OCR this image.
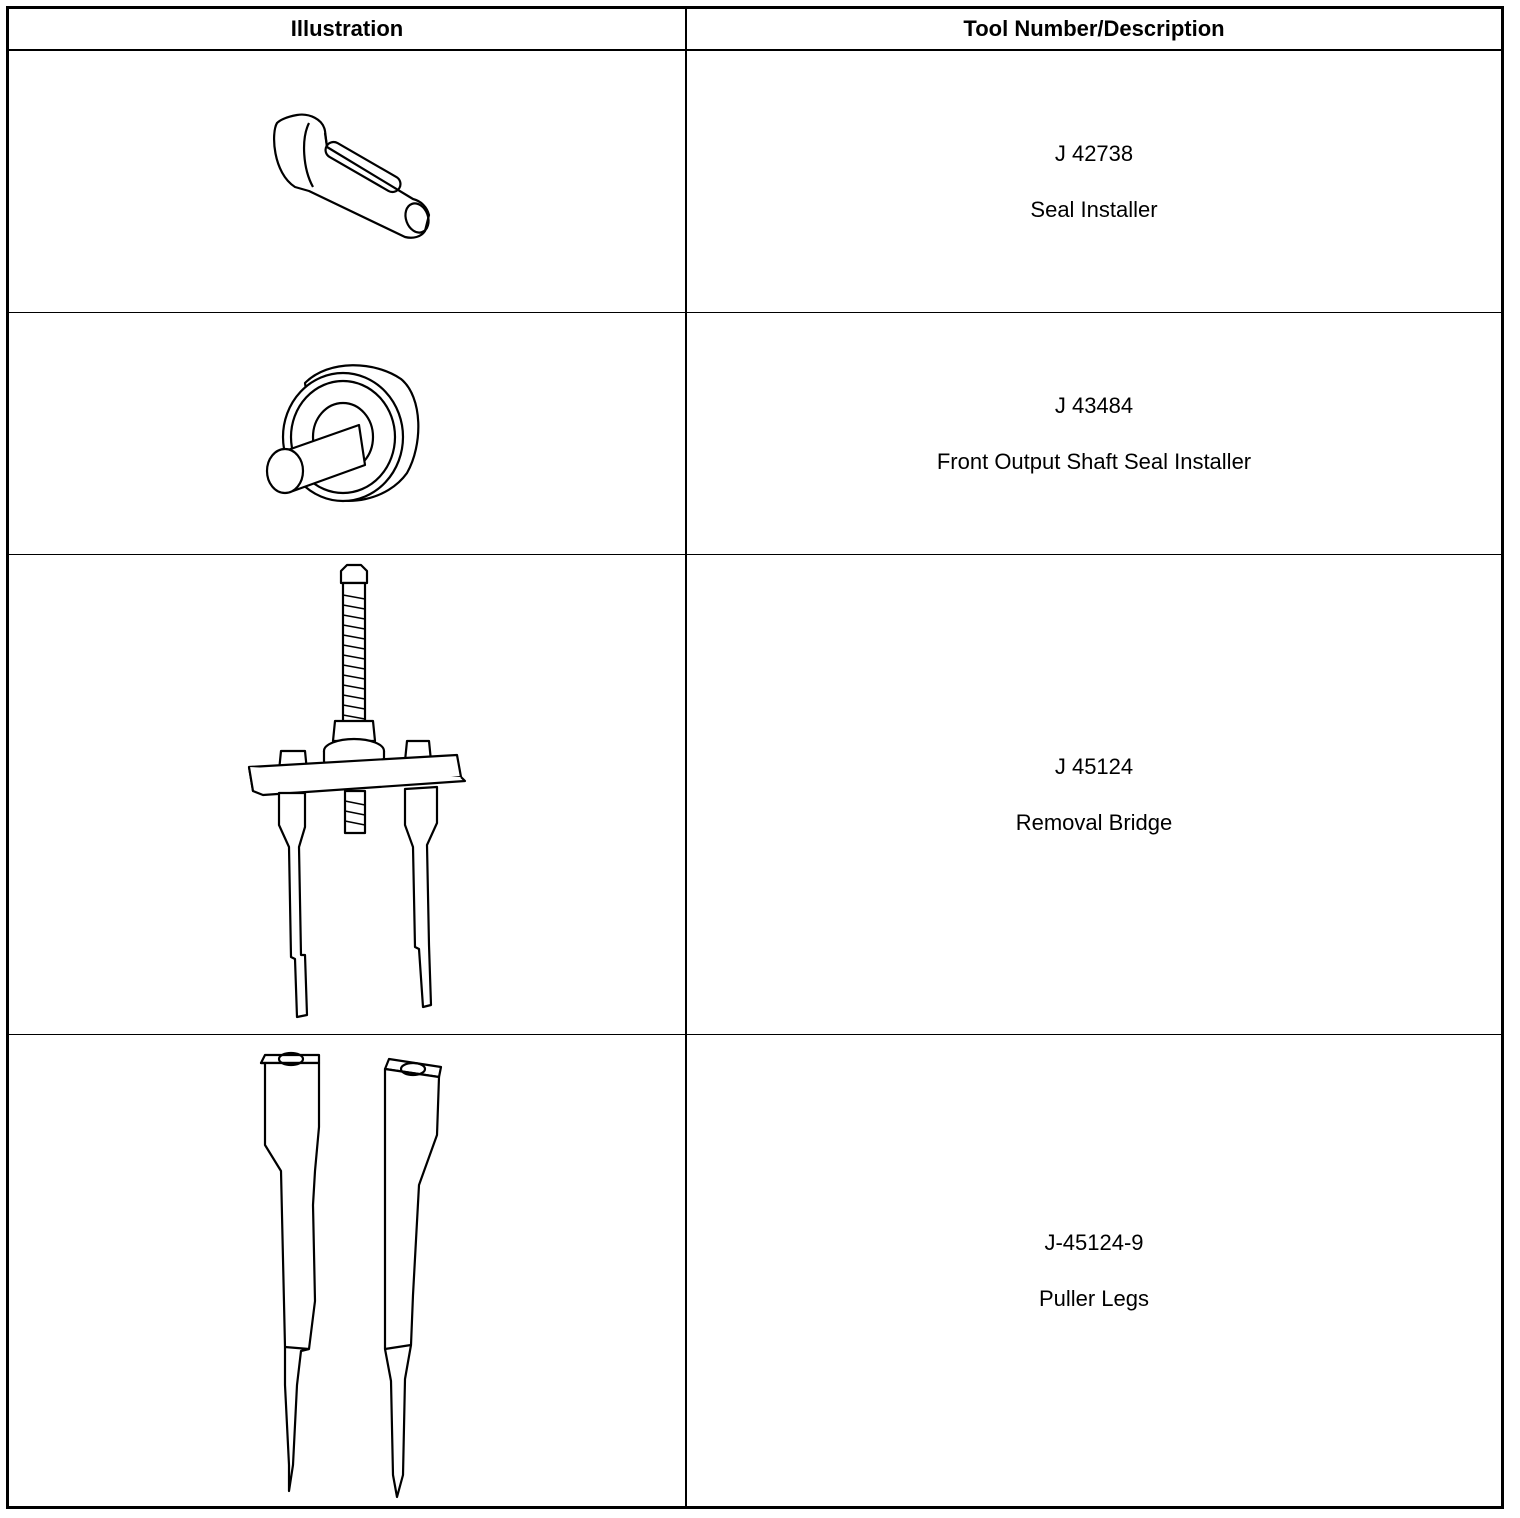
Illustration	Tool Number/Description
J 42738
Seal Installer
J 43484
Front Output Shaft Seal Installer
J 45124
Removal Bridge
J-45124-9
Puller Legs
